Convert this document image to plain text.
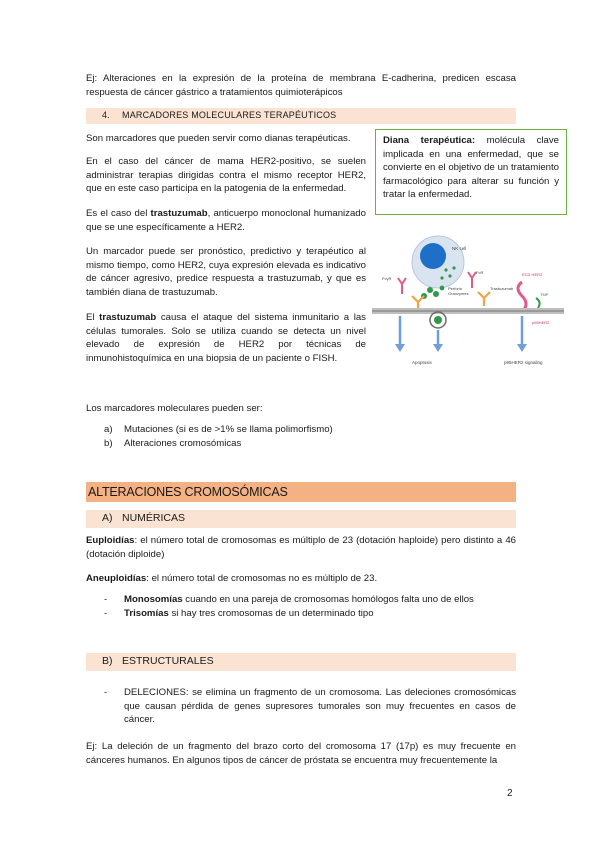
Ej: Alteraciones en la expresión de la proteína de membrana E-cadherina, predicen escasa respuesta de cáncer gástrico a tratamientos quimioterápicos

4. MARCADORES MOLECULARES TERAPÉUTICOS

Son marcadores que pueden servir como dianas terapéuticas.

En el caso del cáncer de mama HER2-positivo, se suelen administrar terapias dirigidas contra el mismo receptor HER2, que en este caso participa en la patogenia de la enfermedad.

Es el caso del trastuzumab, anticuerpo monoclonal humanizado que se une específicamente a HER2.

Un marcador puede ser pronóstico, predictivo y terapéutico al mismo tiempo, como HER2, cuya expresión elevada es indicativo de cáncer agresivo, predice respuesta a trastuzumab, y que es también diana de trastuzumab.

El trastuzumab causa el ataque del sistema inmunitario a las células tumorales. Solo se utiliza cuando se detecta un nivel elevado de expresión de HER2 por técnicas de inmunohistoquímica en una biopsia de un paciente o FISH.

Diana terapéutica: molécula clave implicada en una enfermedad, que se convierte en el objetivo de un tratamiento farmacológico para alterar su función y tratar la enfermedad.

NK cell
FcγR
FcR
Perforin
Granzymes
Trastuzumab
ECD HER2
TMP
p95HER2
Apoptosis	p95HER2 signaling

Los marcadores moleculares pueden ser:

a)	Mutaciones (si es de >1% se llama polimorfismo)
b)	Alteraciones cromosómicas
ALTERACIONES CROMOSÓMICAS
A) NUMÉRICAS

Euploidías: el número total de cromosomas es múltiplo de 23 (dotación haploide) pero distinto a 46 (dotación diploide)

Aneuploidías: el número total de cromosomas no es múltiplo de 23.

-	Monosomías cuando en una pareja de cromosomas homólogos falta uno de ellos
-	Trisomías si hay tres cromosomas de un determinado tipo
B) ESTRUCTURALES
-	DELECIONES: se elimina un fragmento de un cromosoma. Las deleciones cromosómicas que causan pérdida de genes supresores tumorales son muy frecuentes en casos de cáncer.

Ej: La deleción de un fragmento del brazo corto del cromosoma 17 (17p) es muy frecuente en cánceres humanos. En algunos tipos de cáncer de próstata se encuentra muy frecuentemente la

2
